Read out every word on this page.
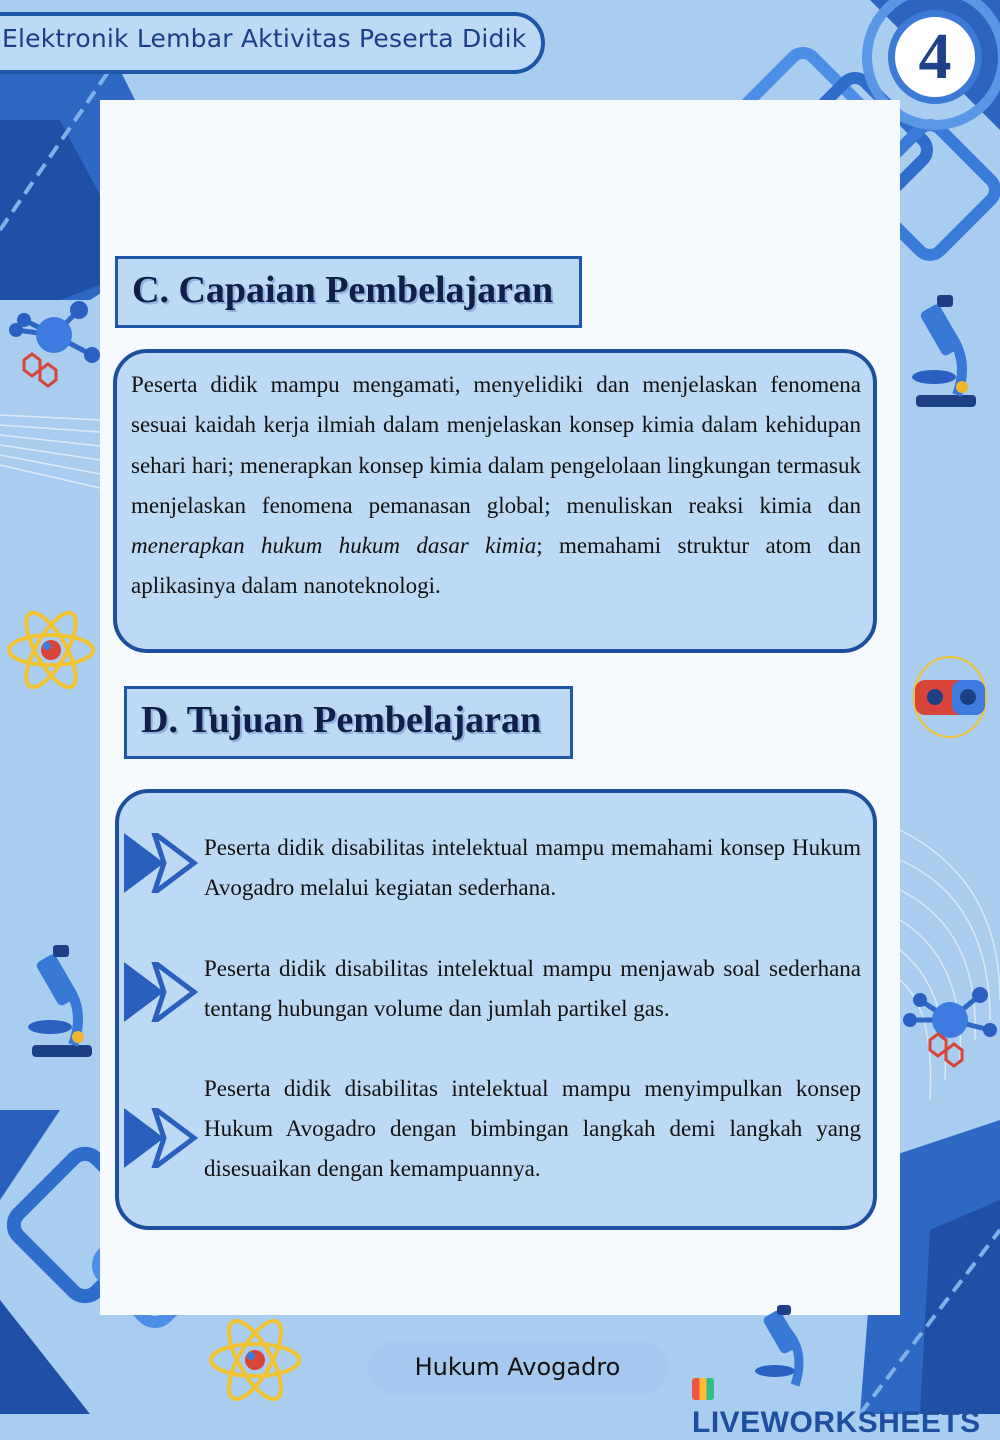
Elektronik Lembar Aktivitas Peserta Didik	4
C. Capaian Pembelajaran
Peserta didik mampu mengamati, menyelidiki dan menjelaskan fenomena sesuai kaidah kerja ilmiah dalam menjelaskan konsep kimia dalam kehidupan sehari hari; menerapkan konsep kimia dalam pengelolaan lingkungan termasuk menjelaskan fenomena pemanasan global; menuliskan reaksi kimia dan menerapkan hukum hukum dasar kimia; memahami struktur atom dan aplikasinya dalam nanoteknologi.
D. Tujuan Pembelajaran
Peserta didik disabilitas intelektual mampu memahami konsep Hukum Avogadro melalui kegiatan sederhana.
Peserta didik disabilitas intelektual mampu menjawab soal sederhana tentang hubungan volume dan jumlah partikel gas.
Peserta didik disabilitas intelektual mampu menyimpulkan konsep Hukum Avogadro dengan bimbingan langkah demi langkah yang disesuaikan dengan kemampuannya.
Hukum Avogadro
LIVEWORKSHEETS
